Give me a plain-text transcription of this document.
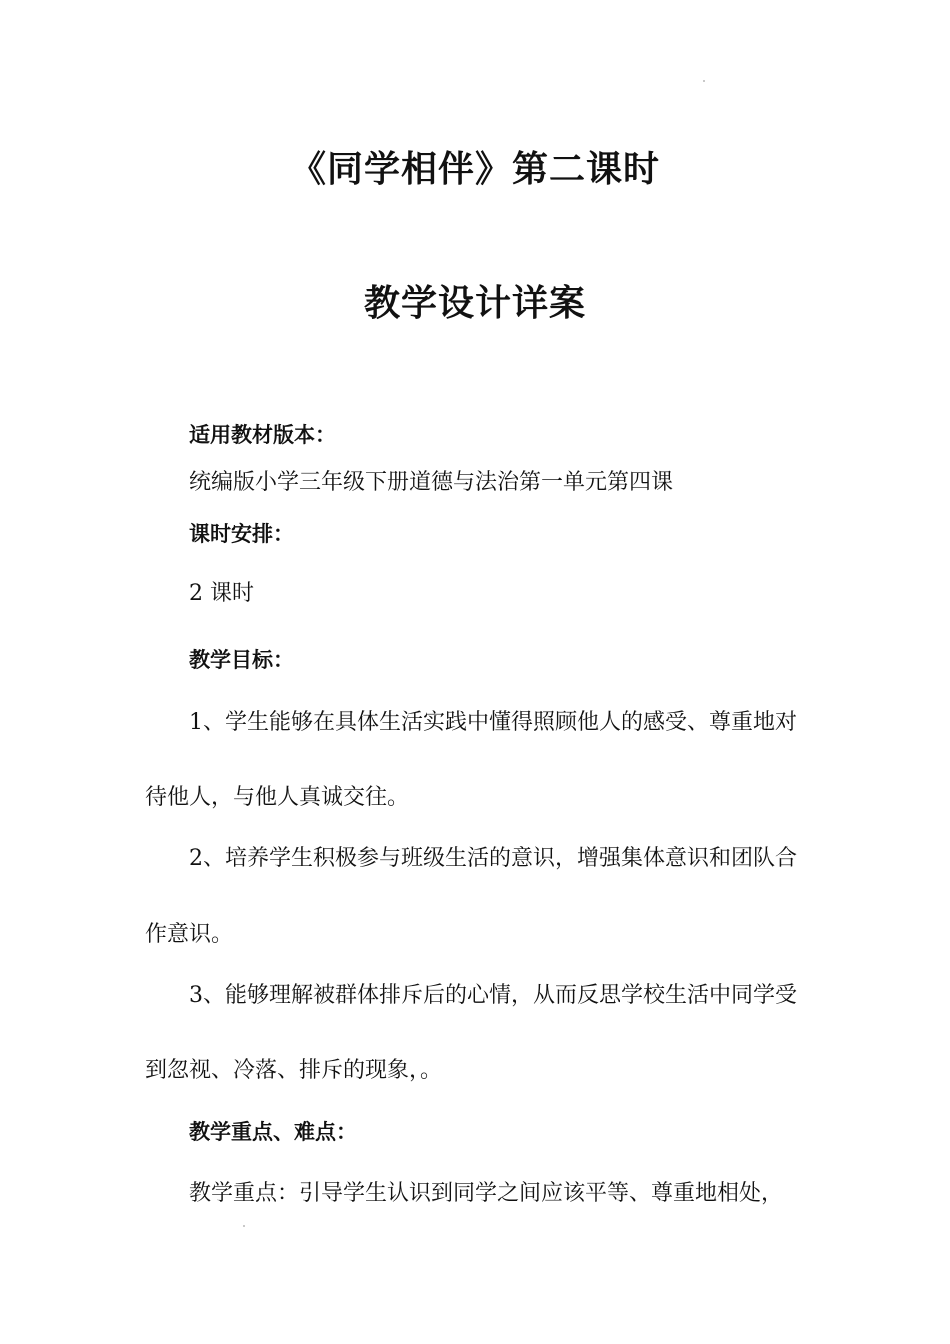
《同学相伴》第二课时
教学设计详案
适用教材版本：
统编版小学三年级下册道德与法治第一单元第四课
课时安排：
2 课时
教学目标：
1、学生能够在具体生活实践中懂得照顾他人的感受、尊重地对
待他人，与他人真诚交往。
2、培养学生积极参与班级生活的意识，增强集体意识和团队合
作意识。
3、能够理解被群体排斥后的心情，从而反思学校生活中同学受
到忽视、冷落、排斥的现象，。
教学重点、难点：
教学重点：引导学生认识到同学之间应该平等、尊重地相处，
